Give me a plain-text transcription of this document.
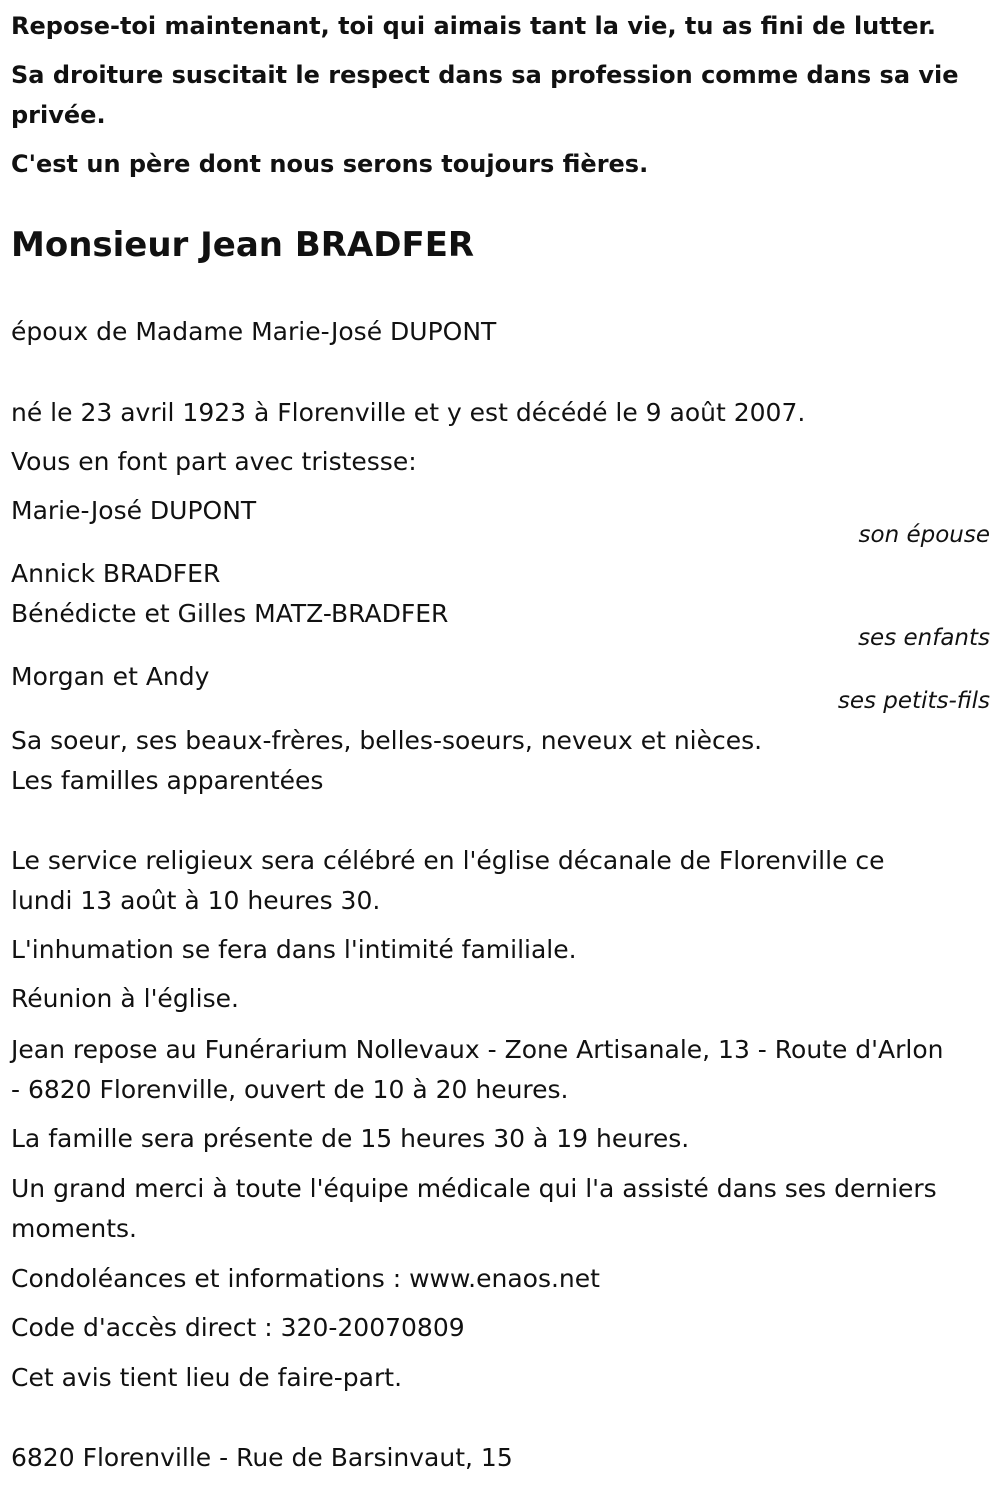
Repose-toi maintenant, toi qui aimais tant la vie, tu as fini de lutter.

Sa droiture suscitait le respect dans sa profession comme dans sa vie

privée.

C'est un père dont nous serons toujours fières.

Monsieur Jean BRADFER

époux de Madame Marie-José DUPONT

né le 23 avril 1923 à Florenville et y est décédé le 9 août 2007.

Vous en font part avec tristesse:

Marie-José DUPONT

son épouse

Annick BRADFER

Bénédicte et Gilles MATZ-BRADFER

ses enfants

Morgan et Andy

ses petits-fils

Sa soeur, ses beaux-frères, belles-soeurs, neveux et nièces.

Les familles apparentées

Le service religieux sera célébré en l'église décanale de Florenville ce

lundi 13 août à 10 heures 30.

L'inhumation se fera dans l'intimité familiale.

Réunion à l'église.

Jean repose au Funérarium Nollevaux - Zone Artisanale, 13 - Route d'Arlon

- 6820 Florenville, ouvert de 10 à 20 heures.

La famille sera présente de 15 heures 30 à 19 heures.

Un grand merci à toute l'équipe médicale qui l'a assisté dans ses derniers

moments.

Condoléances et informations : www.enaos.net

Code d'accès direct : 320-20070809

Cet avis tient lieu de faire-part.

6820 Florenville - Rue de Barsinvaut, 15
